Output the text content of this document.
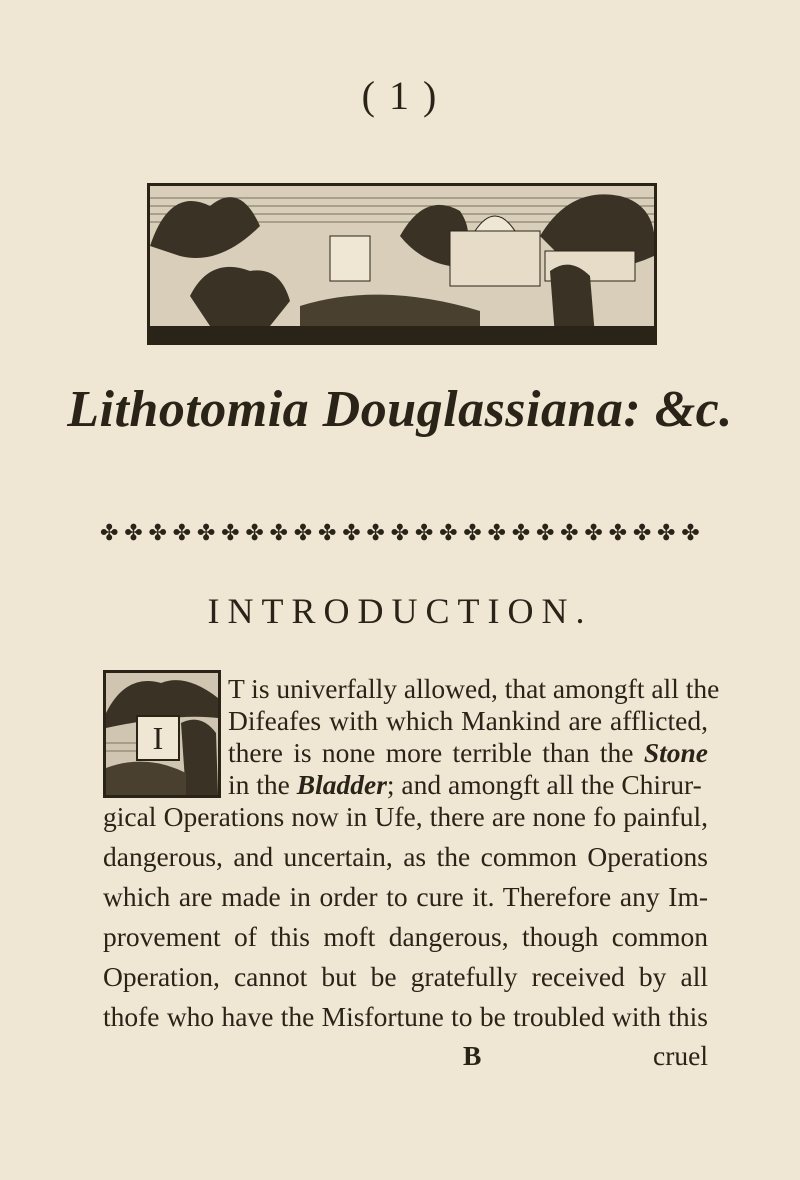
( 1 )
Lithotomia Douglassiana: &c.
✤ ✤ ✤ ✤ ✤ ✤ ✤ ✤ ✤ ✤ ✤ ✤ ✤ ✤ ✤ ✤ ✤ ✤ ✤ ✤ ✤ ✤ ✤ ✤ ✤
INTRODUCTION.
I
T is univerfally allowed, that amongft all the
Difeafes with which Mankind are afflicted,
there is none more terrible than the Stone
in the Bladder; and amongft all the Chirur-
gical Operations now in Ufe, there are none fo painful,
dangerous, and uncertain, as the common Operations
which are made in order to cure it. Therefore any Im-
provement of this moft dangerous, though common
Operation, cannot but be gratefully received by all
thofe who have the Misfortune to be troubled with this
B	cruel
